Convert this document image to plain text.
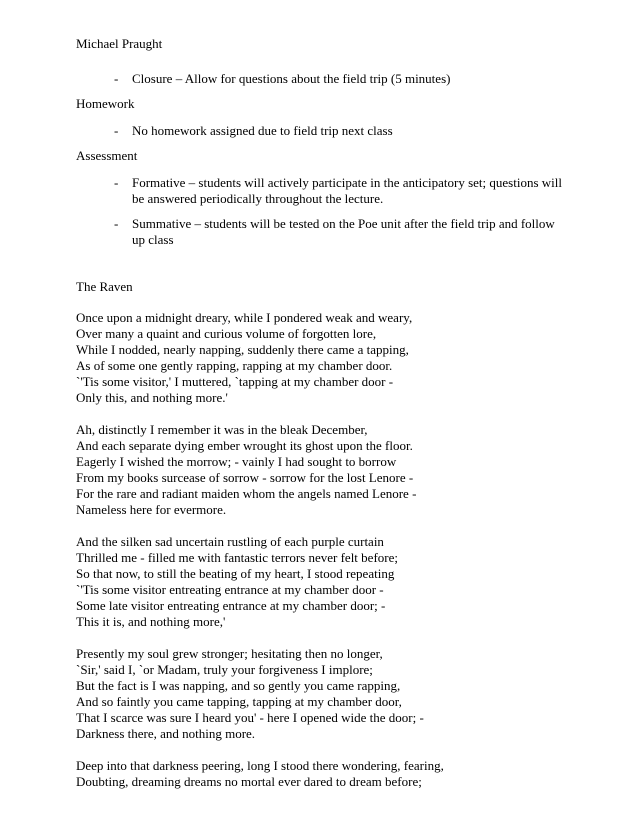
Michael Praught
- Closure – Allow for questions about the field trip (5 minutes)
Homework
- No homework assigned due to field trip next class
Assessment
- Formative – students will actively participate in the anticipatory set; questions will be answered periodically throughout the lecture.
- Summative – students will be tested on the Poe unit after the field trip and follow up class
The Raven
Once upon a midnight dreary, while I pondered weak and weary,
Over many a quaint and curious volume of forgotten lore,
While I nodded, nearly napping, suddenly there came a tapping,
As of some one gently rapping, rapping at my chamber door.
`'Tis some visitor,' I muttered, `tapping at my chamber door -
Only this, and nothing more.'
Ah, distinctly I remember it was in the bleak December,
And each separate dying ember wrought its ghost upon the floor.
Eagerly I wished the morrow; - vainly I had sought to borrow
From my books surcease of sorrow - sorrow for the lost Lenore -
For the rare and radiant maiden whom the angels named Lenore -
Nameless here for evermore.
And the silken sad uncertain rustling of each purple curtain
Thrilled me - filled me with fantastic terrors never felt before;
So that now, to still the beating of my heart, I stood repeating
`'Tis some visitor entreating entrance at my chamber door -
Some late visitor entreating entrance at my chamber door; -
This it is, and nothing more,'
Presently my soul grew stronger; hesitating then no longer,
`Sir,' said I, `or Madam, truly your forgiveness I implore;
But the fact is I was napping, and so gently you came rapping,
And so faintly you came tapping, tapping at my chamber door,
That I scarce was sure I heard you' - here I opened wide the door; -
Darkness there, and nothing more.
Deep into that darkness peering, long I stood there wondering, fearing,
Doubting, dreaming dreams no mortal ever dared to dream before;
